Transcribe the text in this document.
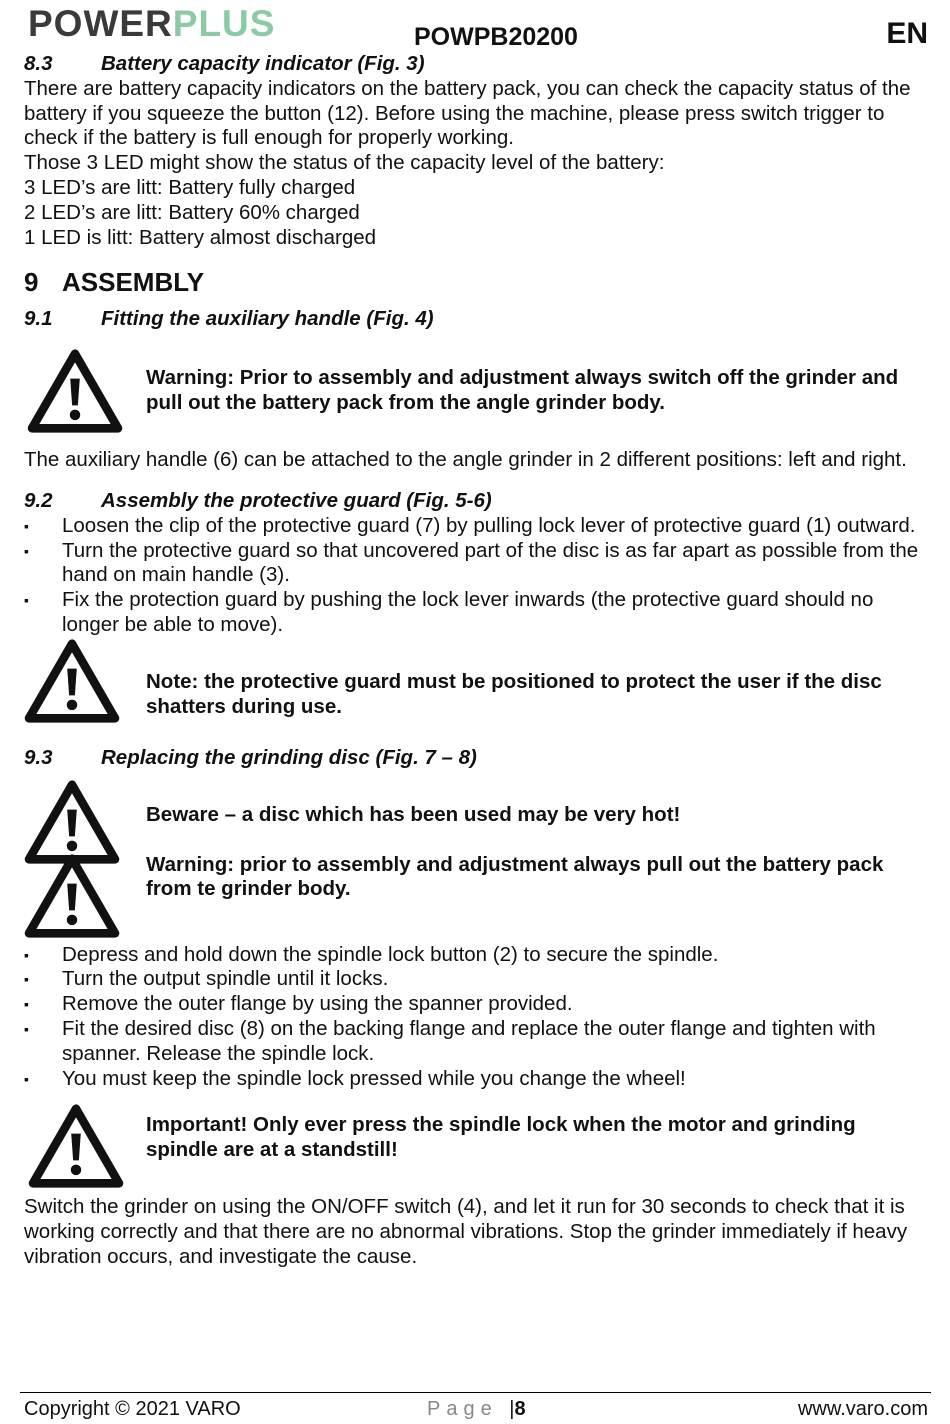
POWERPLUS	POWPB20200	EN
8.3 Battery capacity indicator (Fig. 3)

There are battery capacity indicators on the battery pack, you can check the capacity status of the battery if you squeeze the button (12). Before using the machine, please press switch trigger to check if the battery is full enough for properly working.

Those 3 LED might show the status of the capacity level of the battery:

3 LED’s are litt: Battery fully charged

2 LED’s are litt: Battery 60% charged

1 LED is litt: Battery almost discharged

9 ASSEMBLY
9.1 Fitting the auxiliary handle (Fig. 4)
Warning: Prior to assembly and adjustment always switch off the grinder and pull out the battery pack from the angle grinder body.

The auxiliary handle (6) can be attached to the angle grinder in 2 different positions: left and right.

9.2 Assembly the protective guard (Fig. 5-6)
▪ Loosen the clip of the protective guard (7) by pulling lock lever of protective guard (1) outward.
▪ Turn the protective guard so that uncovered part of the disc is as far apart as possible from the hand on main handle (3).
▪ Fix the protection guard by pushing the lock lever inwards (the protective guard should no longer be able to move).
Note: the protective guard must be positioned to protect the user if the disc shatters during use.
9.3 Replacing the grinding disc (Fig. 7 – 8)
Beware – a disc which has been used may be very hot!
Warning: prior to assembly and adjustment always pull out the battery pack from te grinder body.
▪ Depress and hold down the spindle lock button (2) to secure the spindle.
▪ Turn the output spindle until it locks.
▪ Remove the outer flange by using the spanner provided.
▪ Fit the desired disc (8) on the backing flange and replace the outer flange and tighten with spanner. Release the spindle lock.
▪ You must keep the spindle lock pressed while you change the wheel!
Important! Only ever press the spindle lock when the motor and grinding spindle are at a standstill!

Switch the grinder on using the ON/OFF switch (4), and let it run for 30 seconds to check that it is working correctly and that there are no abnormal vibrations. Stop the grinder immediately if heavy vibration occurs, and investigate the cause.

Copyright © 2021 VARO	Page |8	www.varo.com
